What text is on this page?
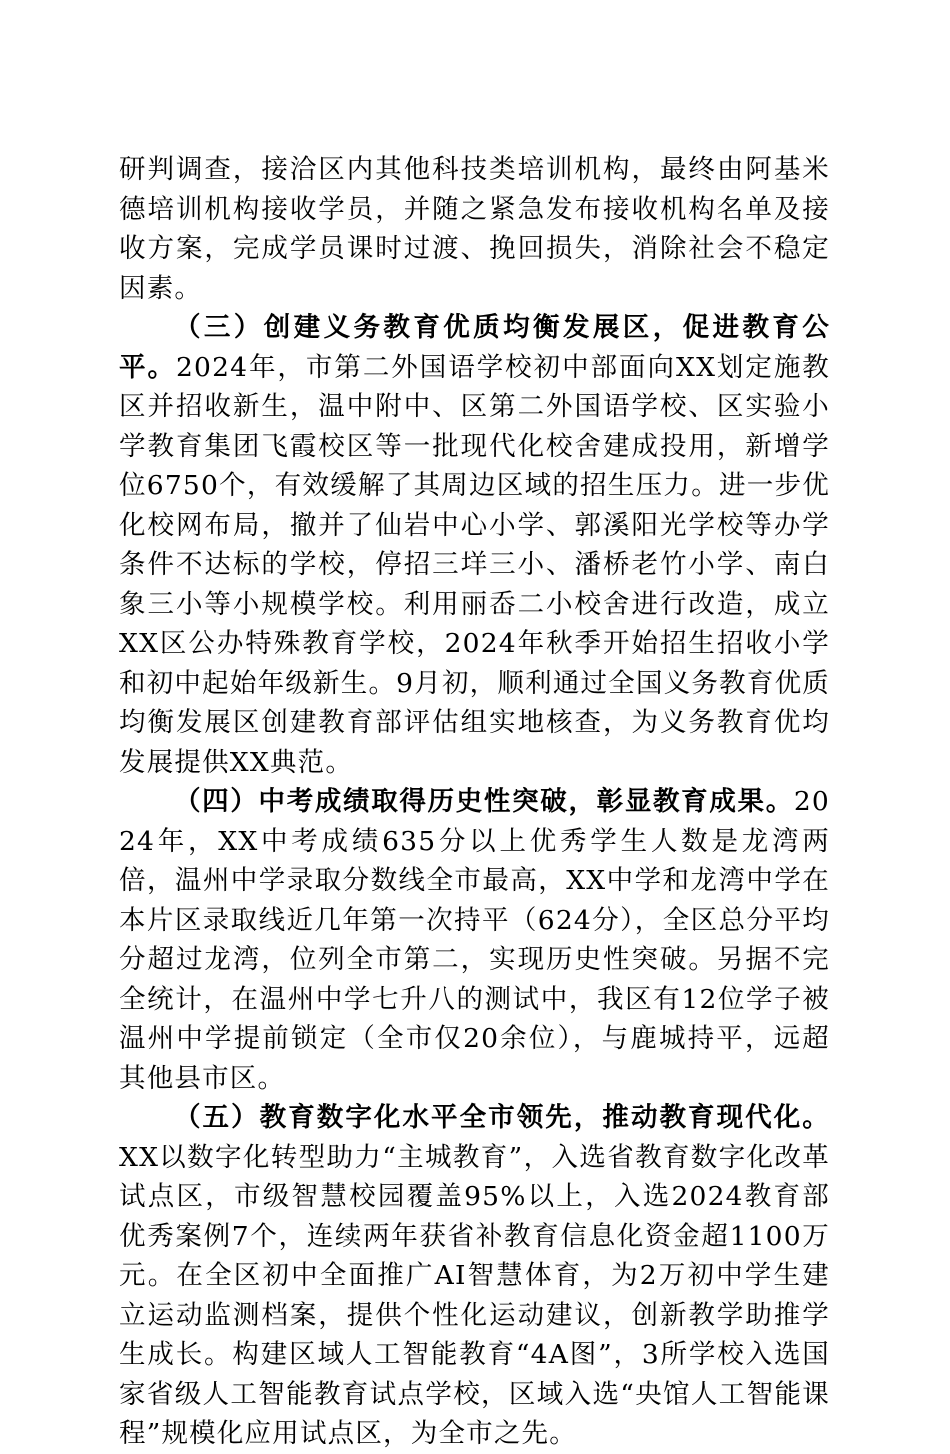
研判调查，接洽区内其他科技类培训机构，最终由阿基米德培训机构接收学员，并随之紧急发布接收机构名单及接收方案，完成学员课时过渡、挽回损失，消除社会不稳定因素。

（三）创建义务教育优质均衡发展区，促进教育公平。2024年，市第二外国语学校初中部面向XX划定施教区并招收新生，温中附中、区第二外国语学校、区实验小学教育集团飞霞校区等一批现代化校舍建成投用，新增学位6750个，有效缓解了其周边区域的招生压力。进一步优化校网布局，撤并了仙岩中心小学、郭溪阳光学校等办学条件不达标的学校，停招三垟三小、潘桥老竹小学、南白象三小等小规模学校。利用丽岙二小校舍进行改造，成立XX区公办特殊教育学校，2024年秋季开始招生招收小学和初中起始年级新生。9月初，顺利通过全国义务教育优质均衡发展区创建教育部评估组实地核查，为义务教育优均发展提供XX典范。

（四）中考成绩取得历史性突破，彰显教育成果。2024年，XX中考成绩635分以上优秀学生人数是龙湾两倍，温州中学录取分数线全市最高，XX中学和龙湾中学在本片区录取线近几年第一次持平（624分），全区总分平均分超过龙湾，位列全市第二，实现历史性突破。另据不完全统计，在温州中学七升八的测试中，我区有12位学子被温州中学提前锁定（全市仅20余位），与鹿城持平，远超其他县市区。

（五）教育数字化水平全市领先，推动教育现代化。XX以数字化转型助力“主城教育”，入选省教育数字化改革试点区，市级智慧校园覆盖95%以上，入选2024教育部优秀案例7个，连续两年获省补教育信息化资金超1100万元。在全区初中全面推广AI智慧体育，为2万初中学生建立运动监测档案，提供个性化运动建议，创新教学助推学生成长。构建区域人工智能教育“4A图”，3所学校入选国家省级人工智能教育试点学校，区域入选“央馆人工智能课程”规模化应用试点区，为全市之先。
